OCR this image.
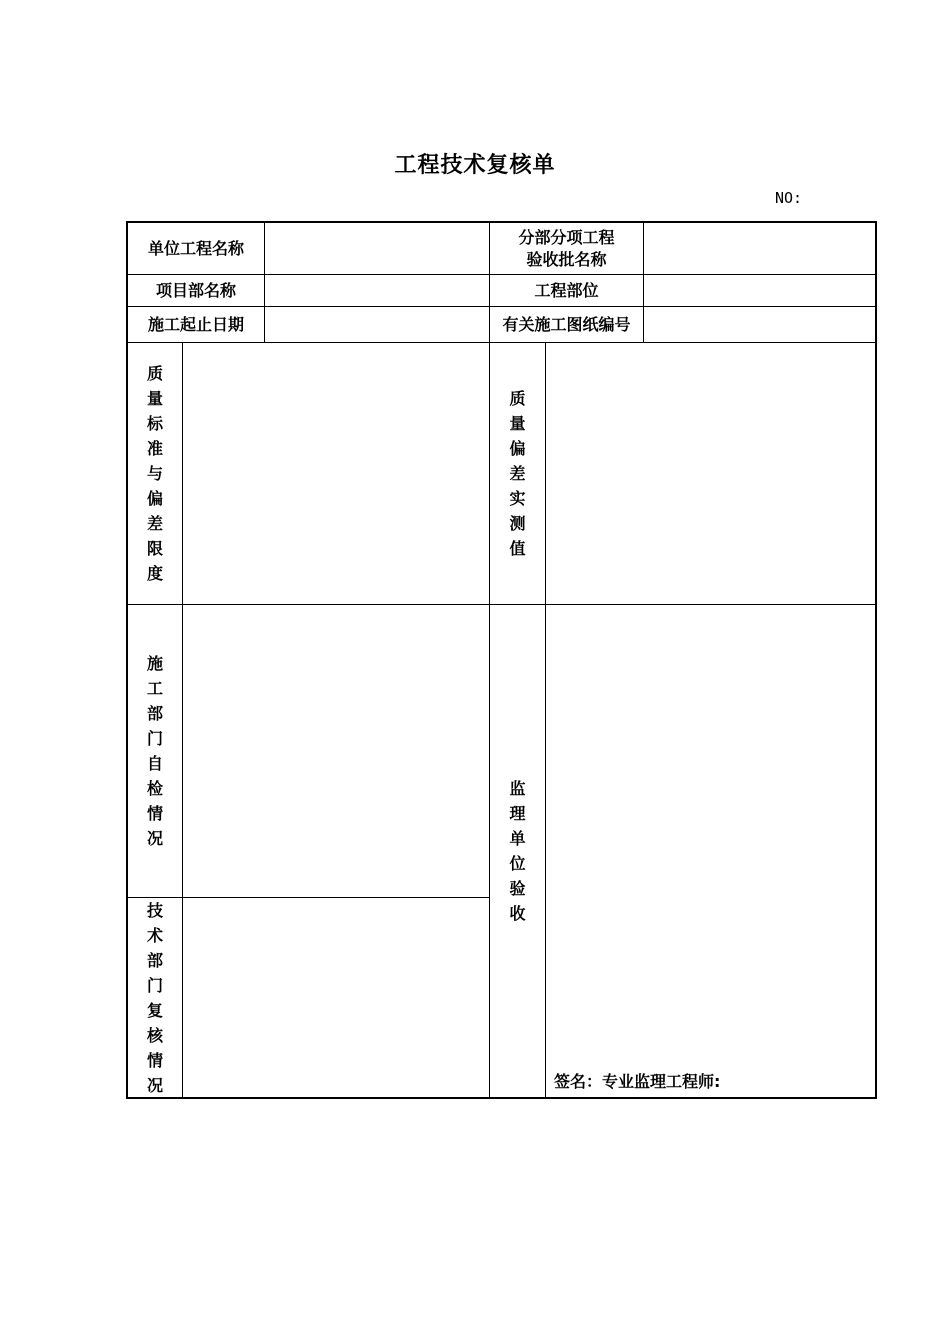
工程技术复核单
NO:
单位工程名称
分部分项工程
验收批名称
项目部名称	工程部位
施工起止日期	有关施工图纸编号
质
量
标
准
与
偏
差
限
度
质
量
偏
差
实
测
值
施
工
部
门
自
检
情
况
技
术
部
门
复
核
情
况
监
理
单
位
验
收
签名：专业监理工程师:
